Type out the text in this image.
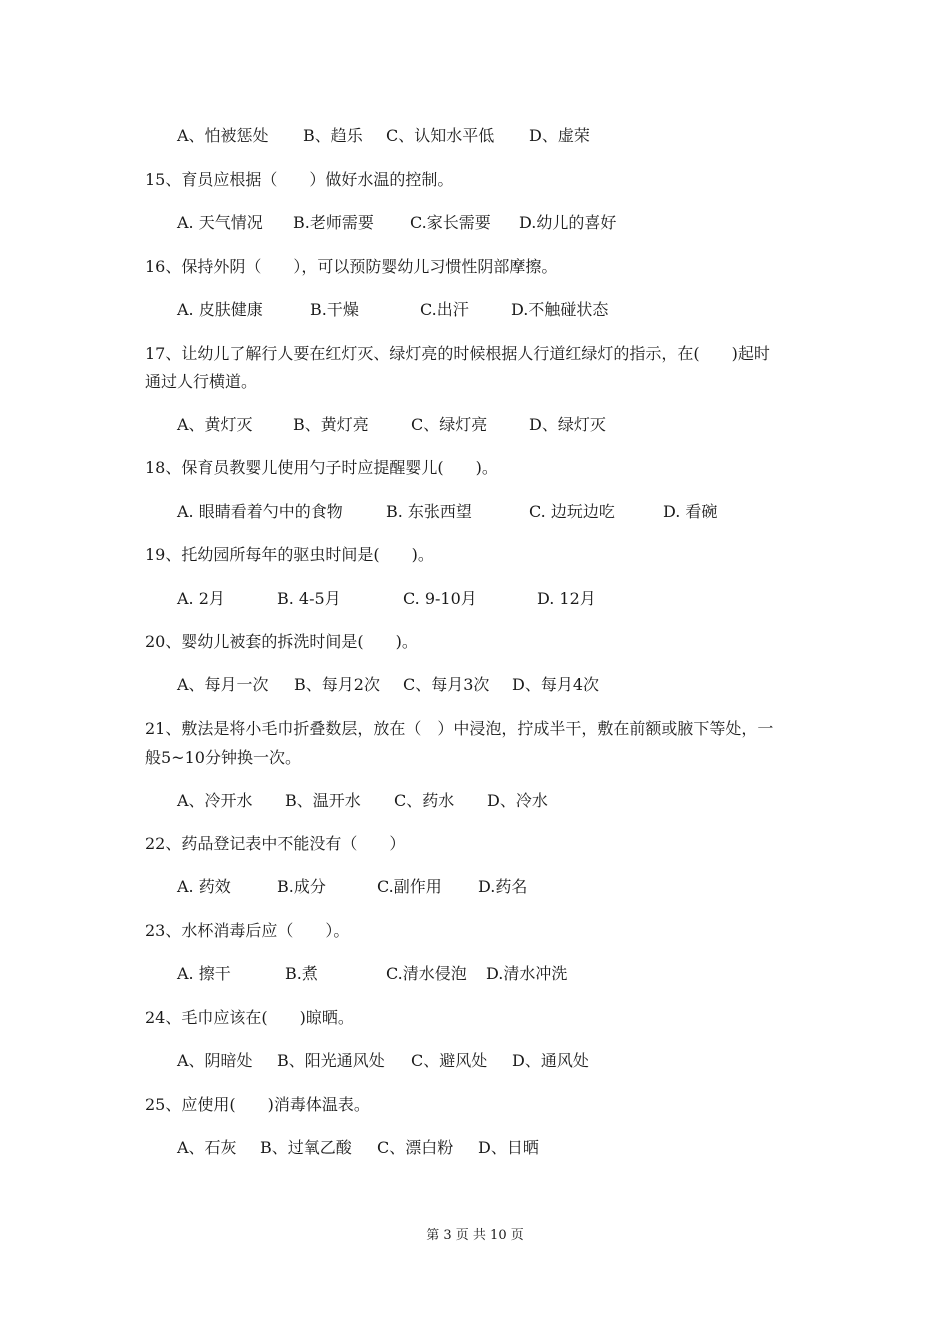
A、怕被惩处 B、趋乐 C、认知水平低 D、虚荣
15、育员应根据（　　）做好水温的控制。
A. 天气情况 B.老师需要 C.家长需要 D.幼儿的喜好
16、保持外阴（　　），可以预防婴幼儿习惯性阴部摩擦。
A. 皮肤健康	B.干燥	C.出汗	D.不触碰状态
17、让幼儿了解行人要在红灯灭、绿灯亮的时候根据人行道红绿灯的指示，在(　　)起时
通过人行横道。
A、黄灯灭	B、黄灯亮	C、绿灯亮	D、绿灯灭
18、保育员教婴儿使用勺子时应提醒婴儿(　　)。
A. 眼睛看着勺中的食物	B. 东张西望	C. 边玩边吃	D. 看碗
19、托幼园所每年的驱虫时间是(　　)。
A. 2月	B. 4-5月	C. 9-10月	D. 12月
20、婴幼儿被套的拆洗时间是(　　)。
A、每月一次 B、每月2次 C、每月3次 D、每月4次
21、敷法是将小毛巾折叠数层，放在（　）中浸泡，拧成半干，敷在前额或腋下等处，一
般5~10分钟换一次。
A、冷开水 B、温开水 C、药水 D、冷水
22、药品登记表中不能没有（　　）
A. 药效	B.成分	C.副作用 D.药名
23、水杯消毒后应（　　）。
A. 擦干	B.煮	C.清水侵泡 D.清水冲洗
24、毛巾应该在(　　)晾晒。
A、阴暗处 B、阳光通风处 C、避风处 D、通风处
25、应使用(　　)消毒体温表。
A、石灰 B、过氧乙酸 C、漂白粉 D、日晒
第 3 页 共 10 页
